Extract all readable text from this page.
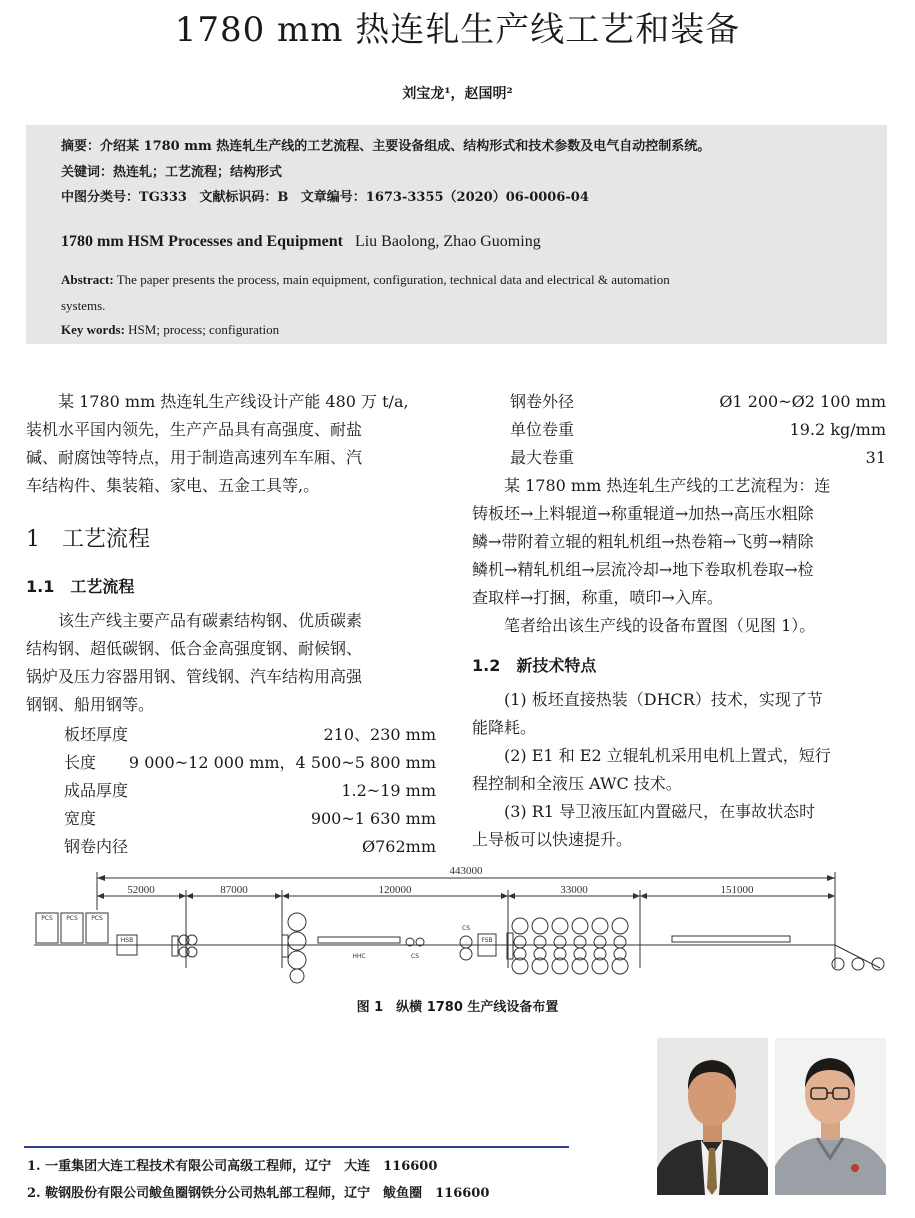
1780 mm 热连轧生产线工艺和装备
刘宝龙¹，赵国明²
摘要：介绍某 1780 mm 热连轧生产线的工艺流程、主要设备组成、结构形式和技术参数及电气自动控制系统。
关键词：热连轧；工艺流程；结构形式
中图分类号：TG333 文献标识码：B 文章编号：1673-3355（2020）06-0006-04
1780 mm HSM Processes and Equipment Liu Baolong, Zhao Guoming
Abstract: The paper presents the process, main equipment, configuration, technical data and electrical & automation
systems.
Key words: HSM; process; configuration
某 1780 mm 热连轧生产线设计产能 480 万 t/a,
装机水平国内领先，生产产品具有高强度、耐盐
碱、耐腐蚀等特点，用于制造高速列车车厢、汽
车结构件、集装箱、家电、五金工具等,。
1　工艺流程
1.1　工艺流程
该生产线主要产品有碳素结构钢、优质碳素
结构钢、超低碳钢、低合金高强度钢、耐候钢、
锅炉及压力容器用钢、管线钢、汽车结构用高强
钢钢、船用钢等。
板坯厚度	210、230 mm
长度 9 000~12 000 mm，4 500~5 800 mm
成品厚度	1.2~19 mm
宽度	900~1 630 mm
钢卷内径	Ø762mm
钢卷外径	Ø1 200~Ø2 100 mm
单位卷重	19.2 kg/mm
最大卷重	31
某 1780 mm 热连轧生产线的工艺流程为：连
铸板坯→上料辊道→称重辊道→加热→高压水粗除
鳞→带附着立辊的粗轧机组→热卷箱→飞剪→精除
鳞机→精轧机组→层流冷却→地下卷取机卷取→检
查取样→打捆，称重，喷印→入库。
笔者给出该生产线的设备布置图（见图 1）。
1.2　新技术特点
(1) 板坯直接热装（DHCR）技术，实现了节
能降耗。
(2) E1 和 E2 立辊轧机采用电机上置式，短行
程控制和全液压 AWC 技术。
(3) R1 导卫液压缸内置磁尺，在事故状态时
上导板可以快速提升。
443000
52000	87000	120000	33000	151000
PCS PCS PCS
HSB
HHC	CS
CS
FSB
图 1　纵横 1780 生产线设备布置
1. 一重集团大连工程技术有限公司高级工程师，辽宁　大连　116600
2. 鞍钢股份有限公司鲅鱼圈钢铁分公司热轧部工程师，辽宁　鲅鱼圈　116600
